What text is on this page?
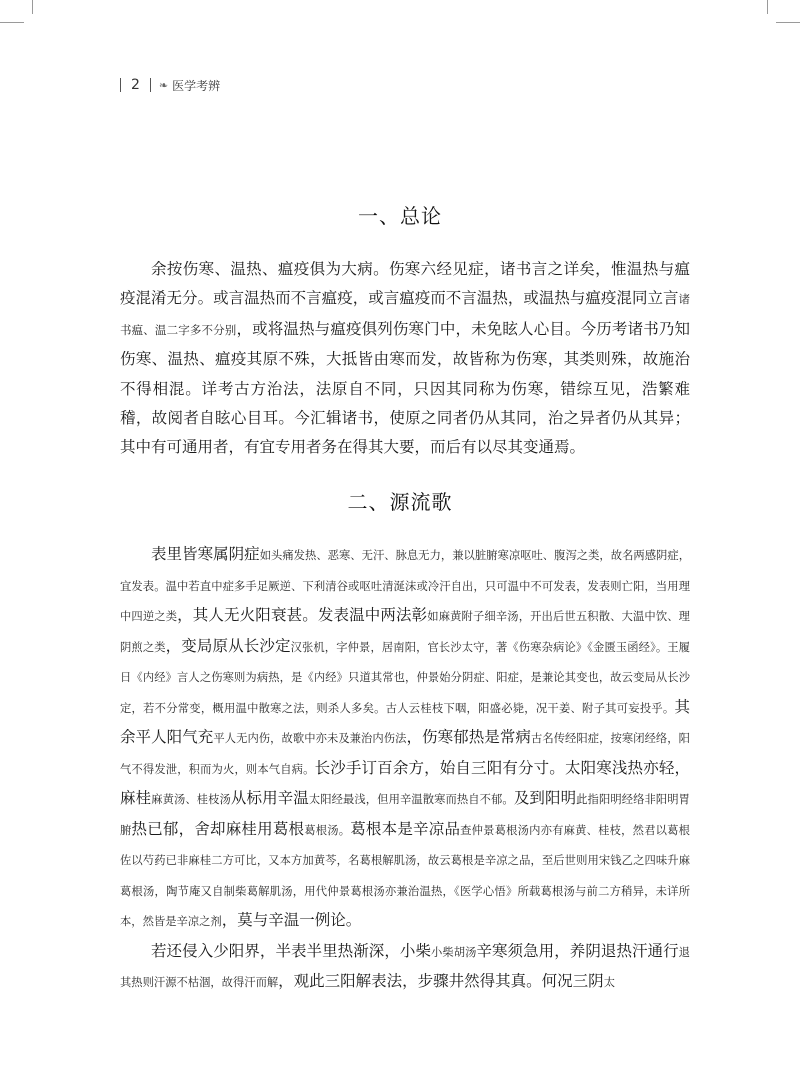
2 ❧ 医学考辨
一、总论

余按伤寒、温热、瘟疫俱为大病。伤寒六经见症，诸书言之详矣，惟温热与瘟疫混淆无分。或言温热而不言瘟疫，或言瘟疫而不言温热，或温热与瘟疫混同立言诸书瘟、温二字多不分别，或将温热与瘟疫俱列伤寒门中，未免眩人心目。今历考诸书乃知伤寒、温热、瘟疫其原不殊，大抵皆由寒而发，故皆称为伤寒，其类则殊，故施治不得相混。详考古方治法，法原自不同，只因其同称为伤寒，错综互见，浩繁难稽，故阅者自眩心目耳。今汇辑诸书，使原之同者仍从其同，治之异者仍从其异；其中有可通用者，有宜专用者务在得其大要，而后有以尽其变通焉。

二、源流歌

表里皆寒属阴症如头痛发热、恶寒、无汗、脉息无力，兼以脏腑寒凉呕吐、腹泻之类，故名两感阴症，宜发表。温中若直中症多手足厥逆、下利清谷或呕吐清涎沫或冷汗自出，只可温中不可发表，发表则亡阳，当用理中四逆之类，其人无火阳衰甚。发表温中两法彰如麻黄附子细辛汤，开出后世五积散、大温中饮、理阴煎之类，变局原从长沙定汉张机，字仲景，居南阳，官长沙太守，著《伤寒杂病论》《金匮玉函经》。王履日《内经》言人之伤寒则为病热，是《内经》只道其常也，仲景始分阴症、阳症，是兼论其变也，故云变局从长沙定，若不分常变，概用温中散寒之法，则杀人多矣。古人云桂枝下咽，阳盛必毙，况干姜、附子其可妄投乎。其余平人阳气充平人无内伤，故歌中亦未及兼治内伤法，伤寒郁热是常病古名传经阳症，按寒闭经络，阳气不得发泄，积而为火，则本气自病。长沙手订百余方，始自三阳有分寸。太阳寒浅热亦轻，麻桂麻黄汤、桂枝汤从标用辛温太阳经最浅，但用辛温散寒而热自不郁。及到阳明此指阳明经络非阳明胃腑热已郁，舍却麻桂用葛根葛根汤。葛根本是辛凉品查仲景葛根汤内亦有麻黄、桂枝，然君以葛根佐以芍药已非麻桂二方可比，又本方加黄芩，名葛根解肌汤，故云葛根是辛凉之品，至后世则用宋钱乙之四味升麻葛根汤，陶节庵又自制柴葛解肌汤，用代仲景葛根汤亦兼治温热，《医学心悟》所载葛根汤与前二方稍异，未详所本，然皆是辛凉之剂，莫与辛温一例论。

若还侵入少阳界，半表半里热渐深，小柴小柴胡汤辛寒须急用，养阴退热汗通行退其热则汗源不枯涸，故得汗而解，观此三阳解表法，步骤井然得其真。何况三阴太
